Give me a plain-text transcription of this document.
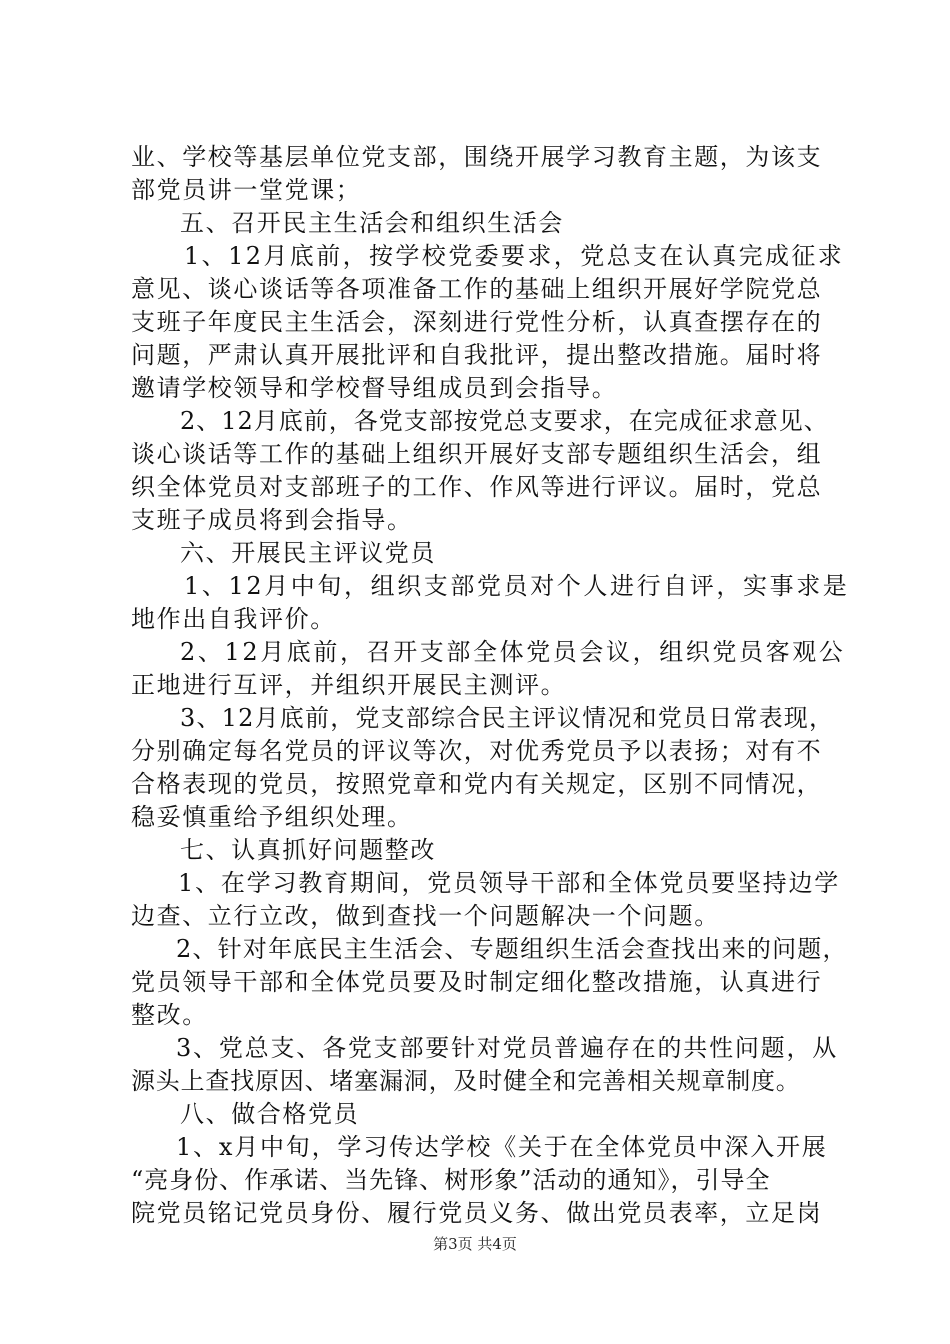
业、学校等基层单位党支部，围绕开展学习教育主题，为该支
部党员讲一堂党课；
五、召开民主生活会和组织生活会
1、12月底前，按学校党委要求，党总支在认真完成征求
意见、谈心谈话等各项准备工作的基础上组织开展好学院党总
支班子年度民主生活会，深刻进行党性分析，认真查摆存在的
问题，严肃认真开展批评和自我批评，提出整改措施。届时将
邀请学校领导和学校督导组成员到会指导。
2、12月底前，各党支部按党总支要求，在完成征求意见、
谈心谈话等工作的基础上组织开展好支部专题组织生活会，组
织全体党员对支部班子的工作、作风等进行评议。届时，党总
支班子成员将到会指导。
六、开展民主评议党员
1、12月中旬，组织支部党员对个人进行自评，实事求是
地作出自我评价。
2、12月底前，召开支部全体党员会议，组织党员客观公
正地进行互评，并组织开展民主测评。
3、12月底前，党支部综合民主评议情况和党员日常表现，
分别确定每名党员的评议等次，对优秀党员予以表扬；对有不
合格表现的党员，按照党章和党内有关规定，区别不同情况，
稳妥慎重给予组织处理。
七、认真抓好问题整改
1、在学习教育期间，党员领导干部和全体党员要坚持边学
边查、立行立改，做到查找一个问题解决一个问题。
2、针对年底民主生活会、专题组织生活会查找出来的问题，
党员领导干部和全体党员要及时制定细化整改措施，认真进行
整改。
3、党总支、各党支部要针对党员普遍存在的共性问题，从
源头上查找原因、堵塞漏洞，及时健全和完善相关规章制度。
八、做合格党员
1、x月中旬，学习传达学校《关于在全体党员中深入开展
“亮身份、作承诺、当先锋、树形象”活动的通知》，引导全
第3页 共4页
院党员铭记党员身份、履行党员义务、做出党员表率，立足岗
